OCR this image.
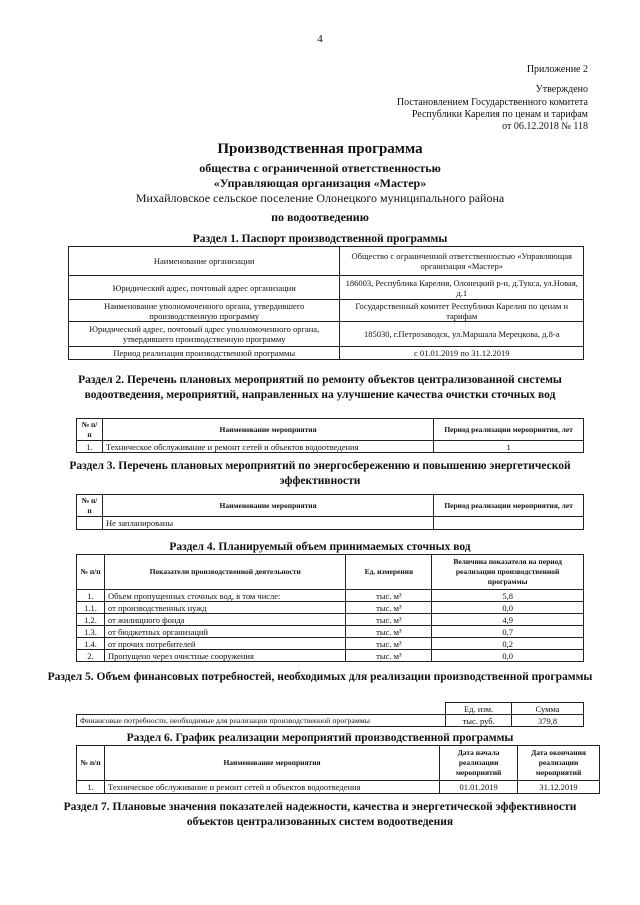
4
Приложение 2
Утверждено
Постановлением Государственного комитета
Республики Карелия по ценам и тарифам
от 06.12.2018 № 118
Производственная программа
общества с ограниченной ответственностью
«Управляющая организация «Мастер»
Михайловское сельское поселение Олонецкого муниципального района
по водоотведению
Раздел 1. Паспорт производственной программы
Наименование организации	Общество с ограниченной ответственностью «Управляющая организация «Мастер»
Юридический адрес, почтовый адрес организации	186003, Республика Карелия, Олонецкий р-н, д.Тукса, ул.Новая, д.1
Наименование уполномоченного органа, утвердившего производственную программу	Государственный комитет Республики Карелия по ценам и тарифам
Юридический адрес, почтовый адрес уполномоченного органа, утвердившего производственную программу	185030, г.Петрозаводск, ул.Маршала Мерецкова, д.8-а
Период реализация производственной программы	с 01.01.2019 по 31.12.2019
Раздел 2. Перечень плановых мероприятий по ремонту объектов централизованной системы водоотведения, мероприятий, направленных на улучшение качества очистки сточных вод
№ п/п	Наименование мероприятия	Период реализации мероприятия, лет
1.	Техническое обслуживание и ремонт сетей и объектов водоотведения	1
Раздел 3. Перечень плановых мероприятий по энергосбережению и повышению энергетической эффективности
№ п/п	Наименование мероприятия	Период реализации мероприятия, лет
	Не запланированы	
Раздел 4. Планируемый объем принимаемых сточных вод
№ п/п	Показатели производственной деятельности	Ед. измерения	Величина показателя на период реализации производственной программы
1.	Объем пропущенных сточных вод, в том числе:	тыс. м³	5,8
1.1.	от производственных нужд	тыс. м³	0,0
1.2.	от жилищного фонда	тыс. м³	4,9
1.3.	от бюджетных организаций	тыс. м³	0,7
1.4.	от прочих потребителей	тыс. м³	0,2
2.	Пропущено через очистные сооружения	тыс. м³	0,0
Раздел 5. Объем финансовых потребностей, необходимых для реализации производственной программы
	Ед. изм.	Сумма
Финансовые потребности, необходимые для реализации производственной программы	тыс. руб.	379,8
Раздел 6. График реализации мероприятий производственной программы
№ п/п	Наименование мероприятия	Дата начала реализации мероприятий	Дата окончания реализации мероприятий
1.	Техническое обслуживание и ремонт сетей и объектов водоотведения	01.01.2019	31.12.2019
Раздел 7. Плановые значения показателей надежности, качества и энергетической эффективности объектов централизованных систем водоотведения
